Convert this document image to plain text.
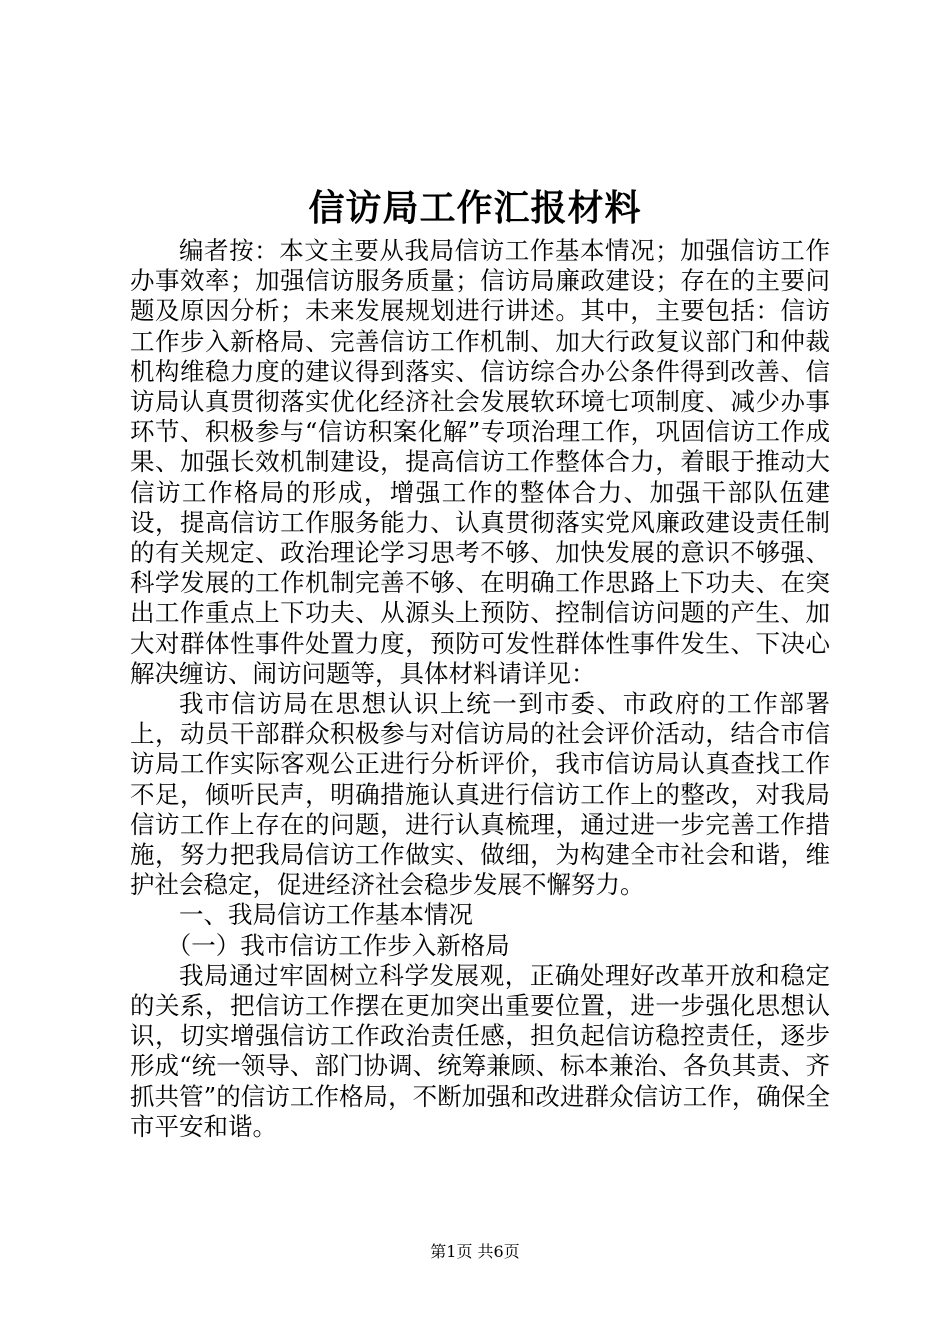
信访局工作汇报材料

编者按：本文主要从我局信访工作基本情况；加强信访工作办事效率；加强信访服务质量；信访局廉政建设；存在的主要问题及原因分析；未来发展规划进行讲述。其中，主要包括：信访工作步入新格局、完善信访工作机制、加大行政复议部门和仲裁机构维稳力度的建议得到落实、信访综合办公条件得到改善、信访局认真贯彻落实优化经济社会发展软环境七项制度、减少办事环节、积极参与“信访积案化解”专项治理工作，巩固信访工作成果、加强长效机制建设，提高信访工作整体合力，着眼于推动大信访工作格局的形成，增强工作的整体合力、加强干部队伍建设，提高信访工作服务能力、认真贯彻落实党风廉政建设责任制的有关规定、政治理论学习思考不够、加快发展的意识不够强、科学发展的工作机制完善不够、在明确工作思路上下功夫、在突出工作重点上下功夫、从源头上预防、控制信访问题的产生、加大对群体性事件处置力度，预防可发性群体性事件发生、下决心解决缠访、闹访问题等，具体材料请详见：

我市信访局在思想认识上统一到市委、市政府的工作部署上，动员干部群众积极参与对信访局的社会评价活动，结合市信访局工作实际客观公正进行分析评价，我市信访局认真查找工作不足，倾听民声，明确措施认真进行信访工作上的整改，对我局信访工作上存在的问题，进行认真梳理，通过进一步完善工作措施，努力把我局信访工作做实、做细，为构建全市社会和谐，维护社会稳定，促进经济社会稳步发展不懈努力。

一、我局信访工作基本情况

（一）我市信访工作步入新格局

我局通过牢固树立科学发展观，正确处理好改革开放和稳定的关系，把信访工作摆在更加突出重要位置，进一步强化思想认识，切实增强信访工作政治责任感，担负起信访稳控责任，逐步形成“统一领导、部门协调、统筹兼顾、标本兼治、各负其责、齐抓共管”的信访工作格局，不断加强和改进群众信访工作，确保全市平安和谐。

第1页 共6页
